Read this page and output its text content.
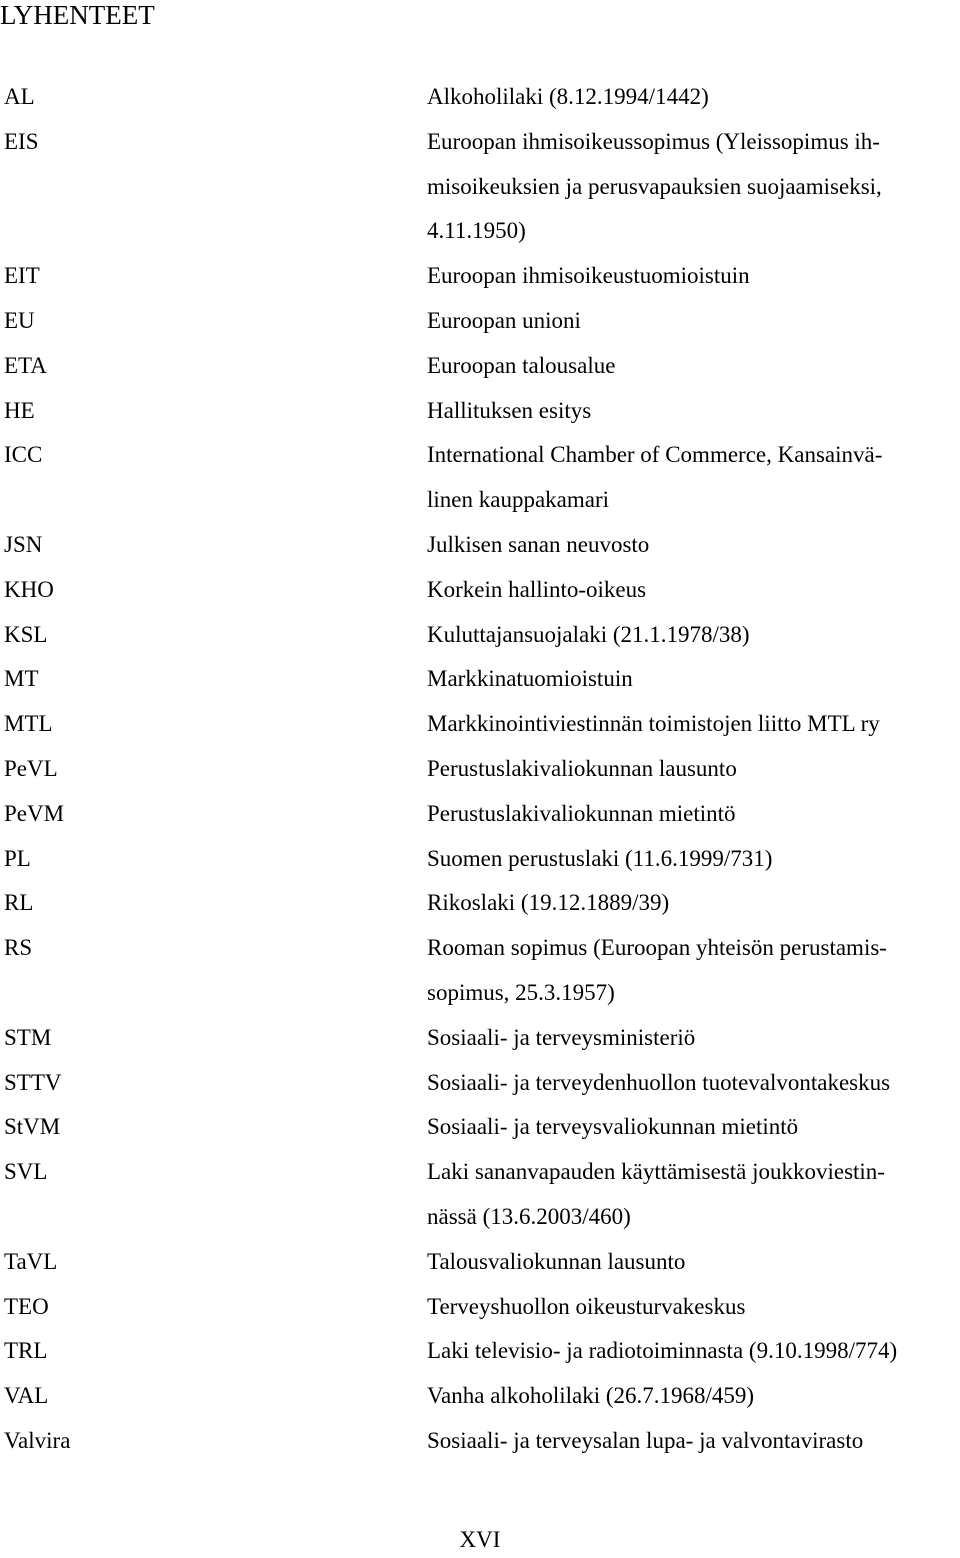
LYHENTEET
AL	Alkoholilaki (8.12.1994/1442)
EIS	Euroopan ihmisoikeussopimus (Yleissopimus ih-
misoikeuksien ja perusvapauksien suojaamiseksi,
4.11.1950)
EIT	Euroopan ihmisoikeustuomioistuin
EU	Euroopan unioni
ETA	Euroopan talousalue
HE	Hallituksen esitys
ICC	International Chamber of Commerce, Kansainvä-
linen kauppakamari
JSN	Julkisen sanan neuvosto
KHO	Korkein hallinto-oikeus
KSL	Kuluttajansuojalaki (21.1.1978/38)
MT	Markkinatuomioistuin
MTL	Markkinointiviestinnän toimistojen liitto MTL ry
PeVL	Perustuslakivaliokunnan lausunto
PeVM	Perustuslakivaliokunnan mietintö
PL	Suomen perustuslaki (11.6.1999/731)
RL	Rikoslaki (19.12.1889/39)
RS	Rooman sopimus (Euroopan yhteisön perustamis-
sopimus, 25.3.1957)
STM	Sosiaali- ja terveysministeriö
STTV	Sosiaali- ja terveydenhuollon tuotevalvontakeskus
StVM	Sosiaali- ja terveysvaliokunnan mietintö
SVL	Laki sananvapauden käyttämisestä joukkoviestin-
nässä (13.6.2003/460)
TaVL	Talousvaliokunnan lausunto
TEO	Terveyshuollon oikeusturvakeskus
TRL	Laki televisio- ja radiotoiminnasta (9.10.1998/774)
VAL	Vanha alkoholilaki (26.7.1968/459)
Valvira	Sosiaali- ja terveysalan lupa- ja valvontavirasto
XVI
